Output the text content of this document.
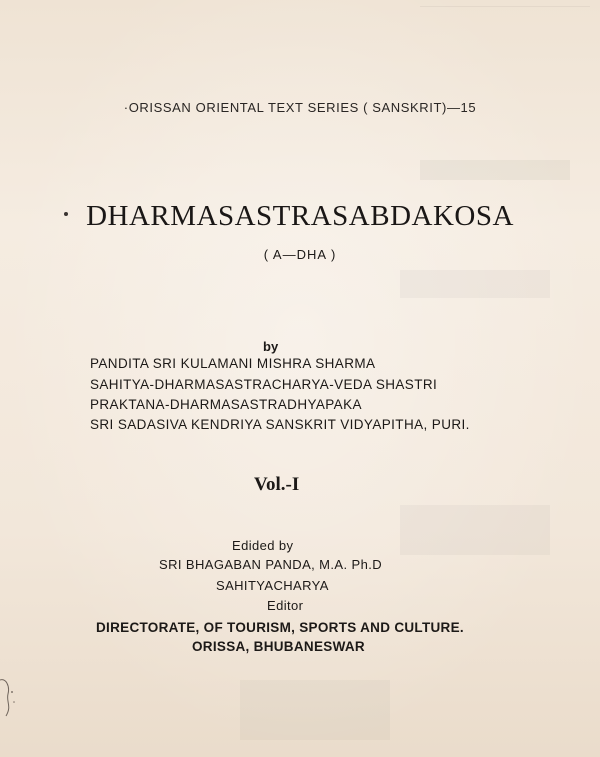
·ORISSAN ORIENTAL TEXT SERIES ( SANSKRIT)—15
DHARMASASTRASABDAKOSA
( A—DHA )
by
PANDITA SRI KULAMANI MISHRA SHARMA
SAHITYA-DHARMASASTRACHARYA-VEDA SHASTRI
PRAKTANA-DHARMASASTRADHYAPAKA
SRI SADASIVA KENDRIYA SANSKRIT VIDYAPITHA, PURI.
Vol.-I
Edided by
SRI BHAGABAN PANDA, M.A. Ph.D
SAHITYACHARYA
Editor
DIRECTORATE, OF TOURISM, SPORTS AND CULTURE.
ORISSA, BHUBANESWAR
